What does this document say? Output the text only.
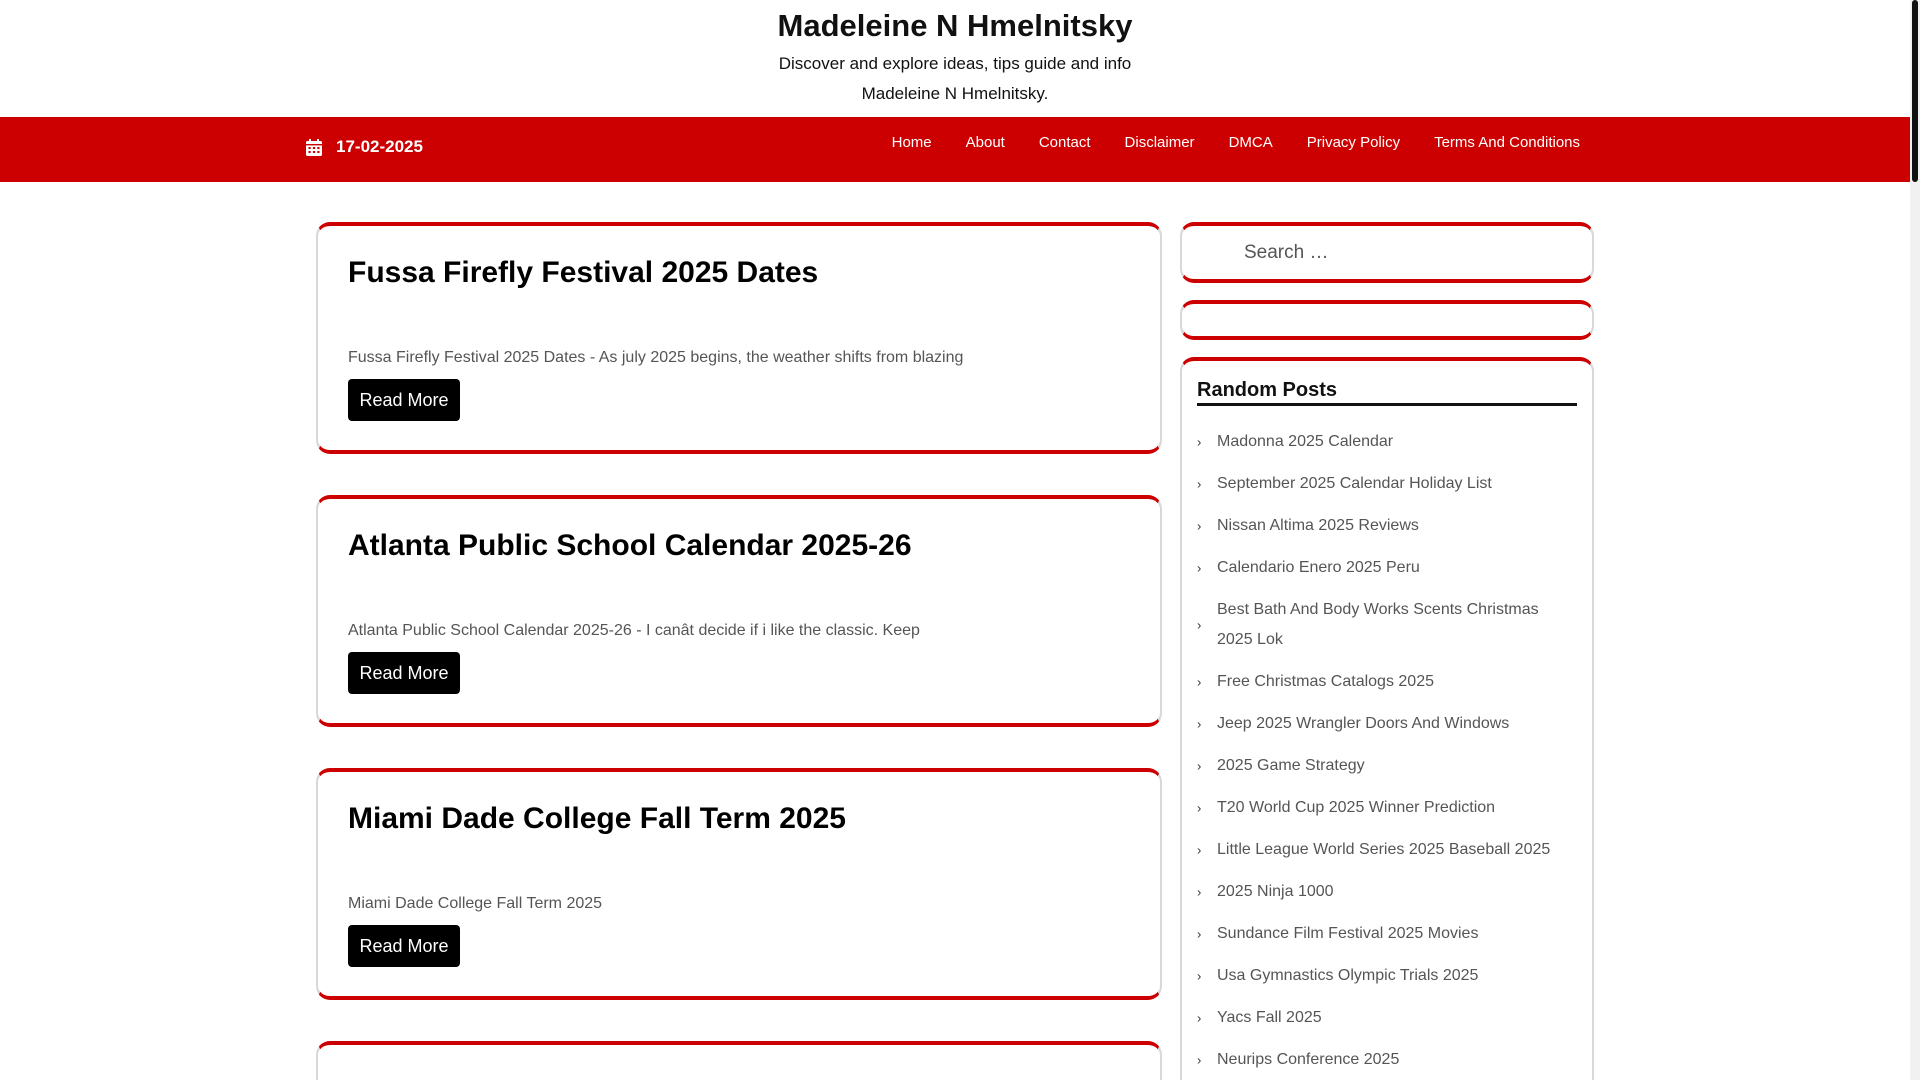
Madeleine N Hmelnitsky

Discover and explore ideas, tips guide and info Madeleine N Hmelnitsky.

17-02-2025	Home	About	Contact	Disclaimer	DMCA	Privacy Policy	Terms And Conditions
Fussa Firefly Festival 2025 Dates

Fussa Firefly Festival 2025 Dates - As july 2025 begins, the weather shifts from blazing

Read More
Atlanta Public School Calendar 2025-26

Atlanta Public School Calendar 2025-26 - I canât decide if i like the classic. Keep

Read More
Miami Dade College Fall Term 2025

Miami Dade College Fall Term 2025

Read More
Search …
Random Posts
› Madonna 2025 Calendar
› September 2025 Calendar Holiday List
› Nissan Altima 2025 Reviews
› Calendario Enero 2025 Peru
›
Best Bath And Body Works Scents Christmas 2025 Lok
› Free Christmas Catalogs 2025
› Jeep 2025 Wrangler Doors And Windows
› 2025 Game Strategy
› T20 World Cup 2025 Winner Prediction
› Little League World Series 2025 Baseball 2025
› 2025 Ninja 1000
› Sundance Film Festival 2025 Movies
› Usa Gymnastics Olympic Trials 2025
› Yacs Fall 2025
› Neurips Conference 2025
